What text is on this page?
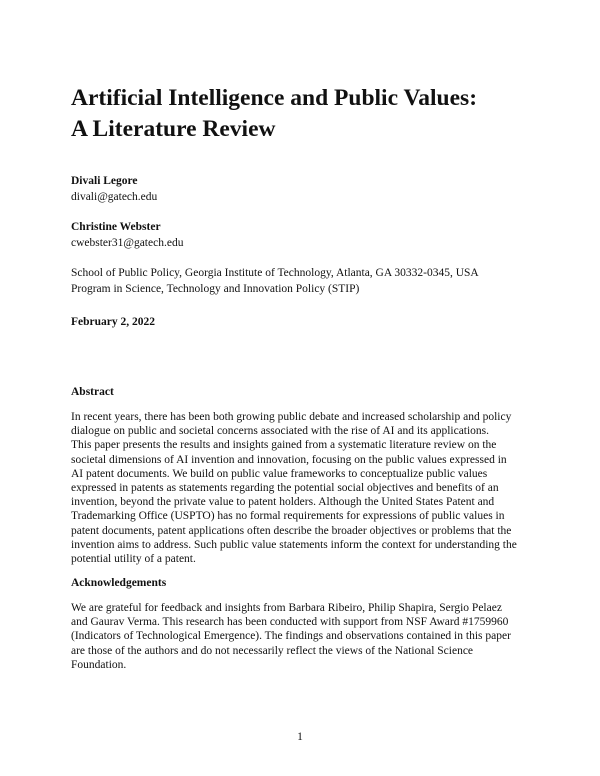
Artificial Intelligence and Public Values:
A Literature Review
Divali Legore
divali@gatech.edu
Christine Webster
cwebster31@gatech.edu
School of Public Policy, Georgia Institute of Technology, Atlanta, GA 30332-0345, USA
Program in Science, Technology and Innovation Policy (STIP)
February 2, 2022
Abstract
In recent years, there has been both growing public debate and increased scholarship and policy
dialogue on public and societal concerns associated with the rise of AI and its applications.
This paper presents the results and insights gained from a systematic literature review on the
societal dimensions of AI invention and innovation, focusing on the public values expressed in
AI patent documents. We build on public value frameworks to conceptualize public values
expressed in patents as statements regarding the potential social objectives and benefits of an
invention, beyond the private value to patent holders. Although the United States Patent and
Trademarking Office (USPTO) has no formal requirements for expressions of public values in
patent documents, patent applications often describe the broader objectives or problems that the
invention aims to address. Such public value statements inform the context for understanding the
potential utility of a patent.
Acknowledgements
We are grateful for feedback and insights from Barbara Ribeiro, Philip Shapira, Sergio Pelaez
and Gaurav Verma. This research has been conducted with support from NSF Award #1759960
(Indicators of Technological Emergence). The findings and observations contained in this paper
are those of the authors and do not necessarily reflect the views of the National Science
Foundation.
1
